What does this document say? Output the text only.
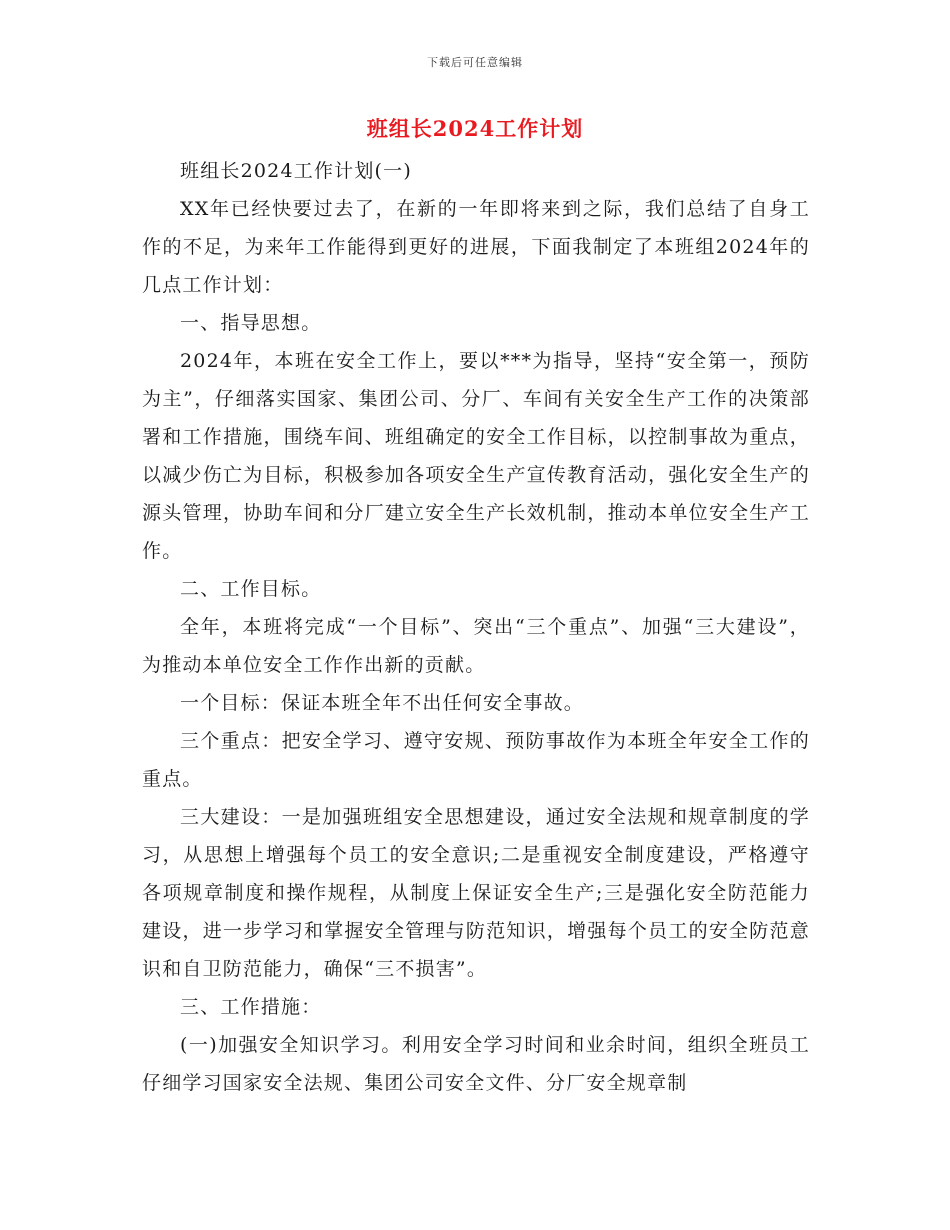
下载后可任意编辑
班组长2024工作计划

班组长2024工作计划(一)

XX年已经快要过去了，在新的一年即将来到之际，我们总结了自身工作的不足，为来年工作能得到更好的进展，下面我制定了本班组2024年的几点工作计划：

一、指导思想。

2024年，本班在安全工作上，要以***为指导，坚持“安全第一，预防为主”，仔细落实国家、集团公司、分厂、车间有关安全生产工作的决策部署和工作措施，围绕车间、班组确定的安全工作目标，以控制事故为重点，以减少伤亡为目标，积极参加各项安全生产宣传教育活动，强化安全生产的源头管理，协助车间和分厂建立安全生产长效机制，推动本单位安全生产工作。

二、工作目标。

全年，本班将完成“一个目标”、突出“三个重点”、加强“三大建设”，为推动本单位安全工作作出新的贡献。

一个目标：保证本班全年不出任何安全事故。

三个重点：把安全学习、遵守安规、预防事故作为本班全年安全工作的重点。

三大建设：一是加强班组安全思想建设，通过安全法规和规章制度的学习，从思想上增强每个员工的安全意识;二是重视安全制度建设，严格遵守各项规章制度和操作规程，从制度上保证安全生产;三是强化安全防范能力建设，进一步学习和掌握安全管理与防范知识，增强每个员工的安全防范意识和自卫防范能力，确保“三不损害”。

三、工作措施：

(一)加强安全知识学习。利用安全学习时间和业余时间，组织全班员工仔细学习国家安全法规、集团公司安全文件、分厂安全规章制
